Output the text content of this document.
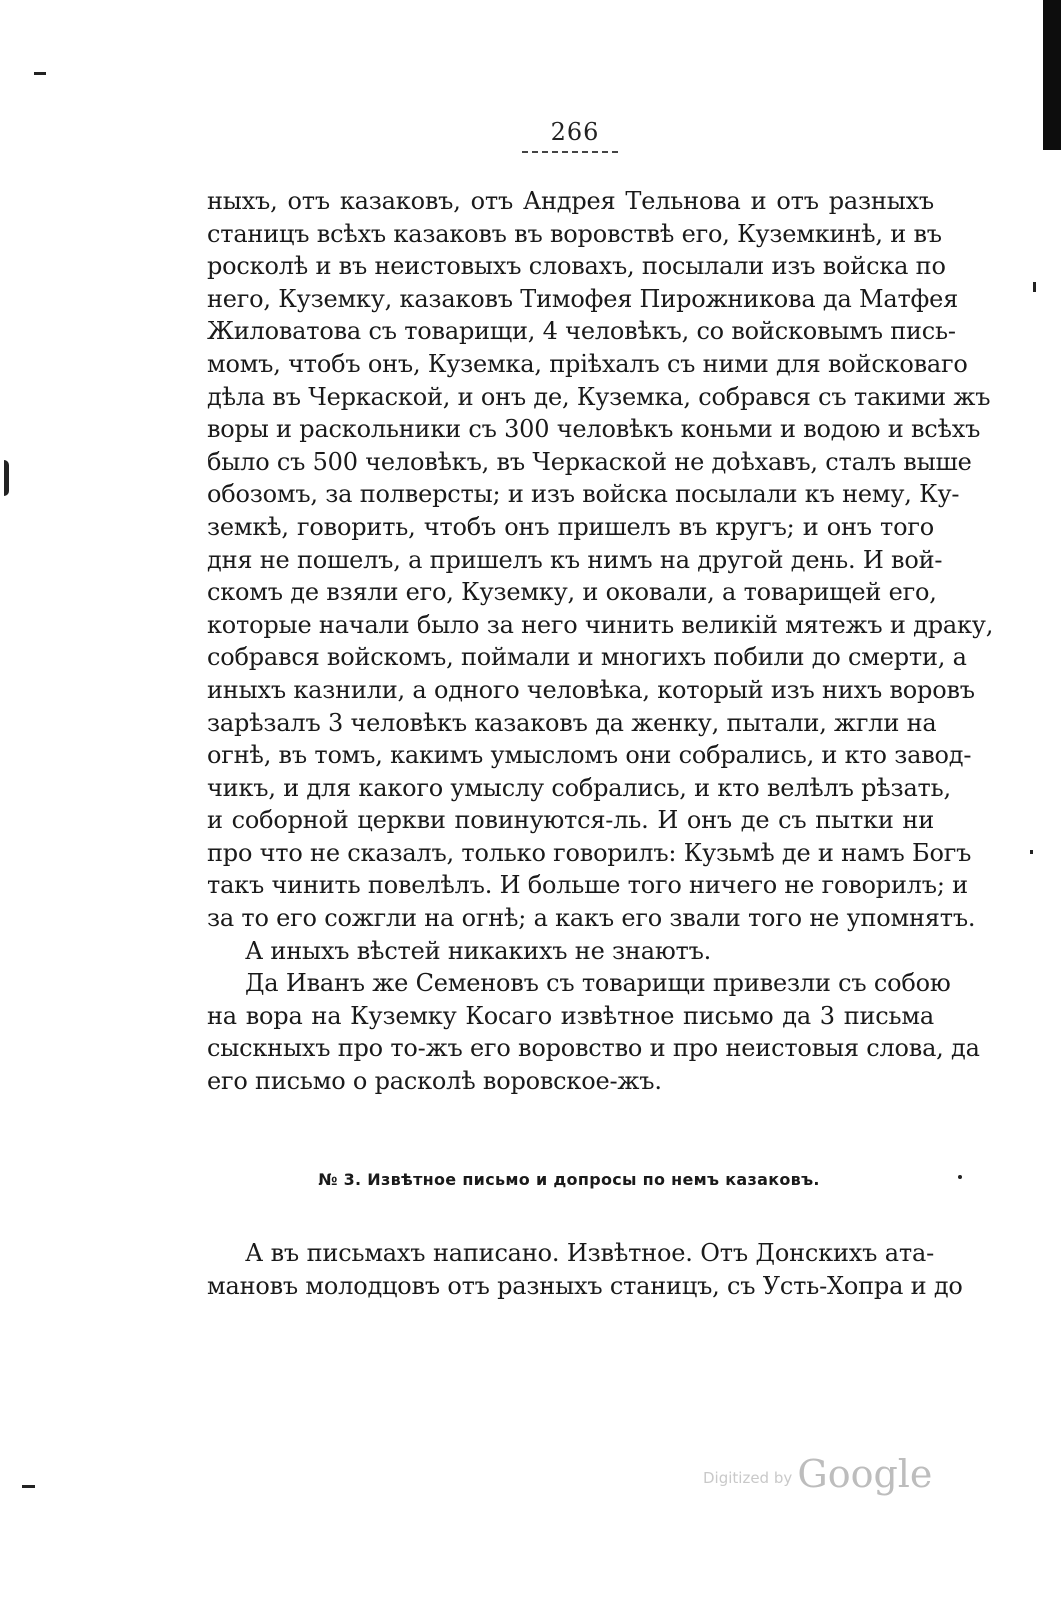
266
ныхъ, отъ казаковъ, отъ Андрея Тельнова и отъ разныхъ
станицъ всѣхъ казаковъ въ воровствѣ его, Куземкинѣ, и въ
росколѣ и въ неистовыхъ словахъ, посылали изъ войска по
него, Куземку, казаковъ Тимофея Пирожникова да Матфея
Жиловатова съ товарищи, 4 человѣкъ, со войсковымъ пись-
момъ, чтобъ онъ, Куземка, пріѣхалъ съ ними для войсковаго
дѣла въ Черкаской, и онъ де, Куземка, собрався съ такими жъ
воры и раскольники съ 300 человѣкъ коньми и водою и всѣхъ
было съ 500 человѣкъ, въ Черкаской не доѣхавъ, сталъ выше
обозомъ, за полверсты; и изъ войска посылали къ нему, Ку-
земкѣ, говорить, чтобъ онъ пришелъ въ кругъ; и онъ того
дня не пошелъ, а пришелъ къ нимъ на другой день. И вой-
скомъ де взяли его, Куземку, и оковали, а товарищей его,
которые начали было за него чинить великій мятежъ и драку,
собрався войскомъ, поймали и многихъ побили до смерти, а
иныхъ казнили, а одного человѣка, который изъ нихъ воровъ
зарѣзалъ 3 человѣкъ казаковъ да женку, пытали, жгли на
огнѣ, въ томъ, какимъ умысломъ они собрались, и кто завод-
чикъ, и для какого умыслу собрались, и кто велѣлъ рѣзать,
и соборной церкви повинуются-ль. И онъ де съ пытки ни
про что не сказалъ, только говорилъ: Кузьмѣ де и намъ Богъ
такъ чинить повелѣлъ. И больше того ничего не говорилъ; и
за то его сожгли на огнѣ; а какъ его звали того не упомнятъ.
А иныхъ вѣстей никакихъ не знаютъ.
Да Иванъ же Семеновъ съ товарищи привезли съ собою
на вора на Куземку Косаго извѣтное письмо да 3 письма
сыскныхъ про то-жъ его воровство и про неистовыя слова, да
его письмо о расколѣ воровское-жъ.
№ 3. Извѣтное письмо и допросы по немъ казаковъ.
А въ письмахъ написано. Извѣтное. Отъ Донскихъ ата-
мановъ молодцовъ отъ разныхъ станицъ, съ Усть-Хопра и до
Digitized by Google
